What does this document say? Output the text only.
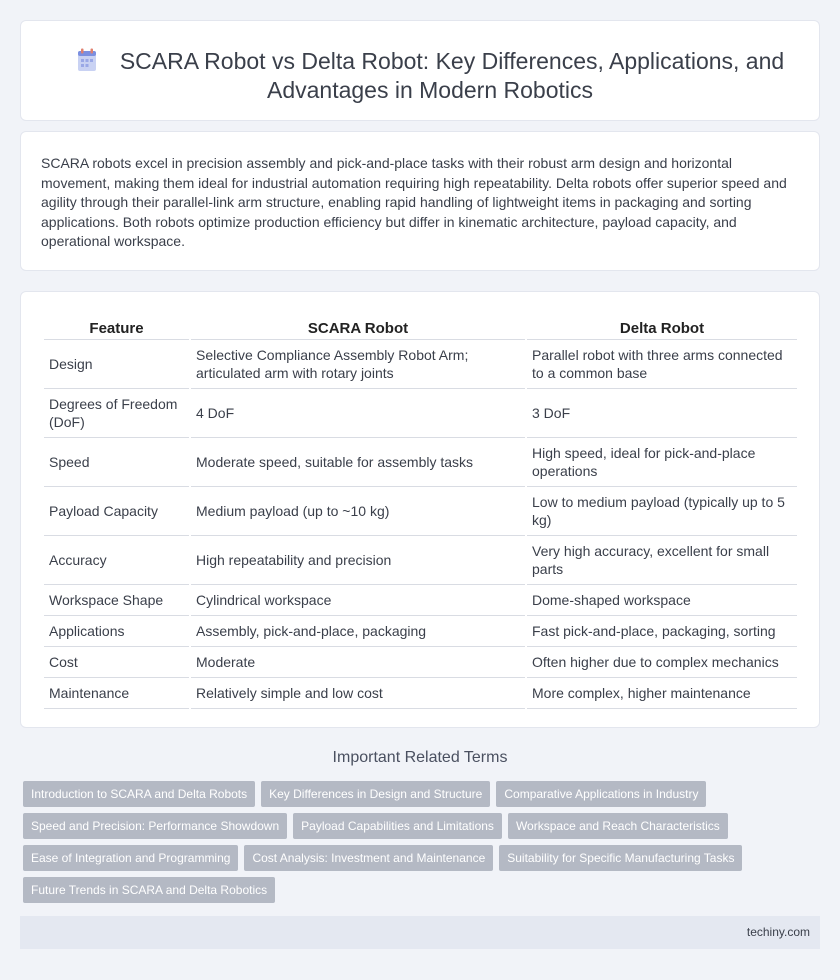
SCARA Robot vs Delta Robot: Key Differences, Applications, and Advantages in Modern Robotics

SCARA robots excel in precision assembly and pick-and-place tasks with their robust arm design and horizontal movement, making them ideal for industrial automation requiring high repeatability. Delta robots offer superior speed and agility through their parallel-link arm structure, enabling rapid handling of lightweight items in packaging and sorting applications. Both robots optimize production efficiency but differ in kinematic architecture, payload capacity, and operational workspace.

Feature	SCARA Robot	Delta Robot
Design	Selective Compliance Assembly Robot Arm; articulated arm with rotary joints	Parallel robot with three arms connected to a common base
Degrees of Freedom (DoF)	4 DoF	3 DoF
Speed	Moderate speed, suitable for assembly tasks	High speed, ideal for pick-and-place operations
Payload Capacity	Medium payload (up to ~10 kg)	Low to medium payload (typically up to 5 kg)
Accuracy	High repeatability and precision	Very high accuracy, excellent for small parts
Workspace Shape	Cylindrical workspace	Dome-shaped workspace
Applications	Assembly, pick-and-place, packaging	Fast pick-and-place, packaging, sorting
Cost	Moderate	Often higher due to complex mechanics
Maintenance	Relatively simple and low cost	More complex, higher maintenance
Important Related Terms
Introduction to SCARA and Delta Robots	Key Differences in Design and Structure	Comparative Applications in Industry
Speed and Precision: Performance Showdown	Payload Capabilities and Limitations	Workspace and Reach Characteristics
Ease of Integration and Programming	Cost Analysis: Investment and Maintenance	Suitability for Specific Manufacturing Tasks
Future Trends in SCARA and Delta Robotics
techiny.com
